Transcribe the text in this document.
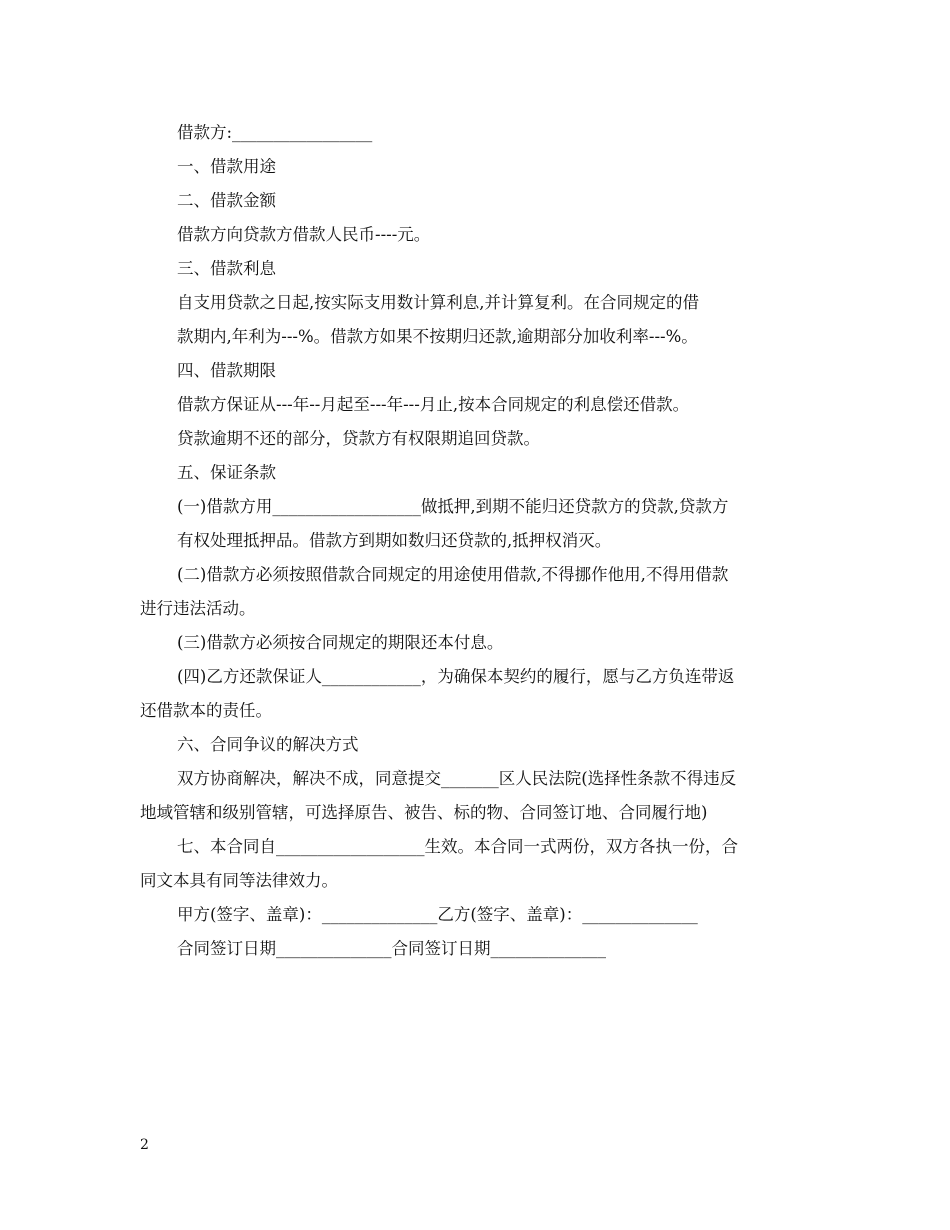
借款方:_________________
一、借款用途
二、借款金额
借款方向贷款方借款人民币----元。
三、借款利息
自支用贷款之日起,按实际支用数计算利息,并计算复利。在合同规定的借
款期内,年利为---%。借款方如果不按期归还款,逾期部分加收利率---%。
四、借款期限
借款方保证从---年--月起至---年---月止,按本合同规定的利息偿还借款。
贷款逾期不还的部分，贷款方有权限期追回贷款。
五、保证条款
(一)借款方用__________________做抵押,到期不能归还贷款方的贷款,贷款方
有权处理抵押品。借款方到期如数归还贷款的,抵押权消灭。
(二)借款方必须按照借款合同规定的用途使用借款,不得挪作他用,不得用借款
进行违法活动。
(三)借款方必须按合同规定的期限还本付息。
(四)乙方还款保证人____________，为确保本契约的履行，愿与乙方负连带返
还借款本的责任。
六、合同争议的解决方式
双方协商解决，解决不成，同意提交_______区人民法院(选择性条款不得违反
地域管辖和级别管辖，可选择原告、被告、标的物、合同签订地、合同履行地)
七、本合同自__________________生效。本合同一式两份，双方各执一份，合
同文本具有同等法律效力。
甲方(签字、盖章)：______________乙方(签字、盖章)：______________
合同签订日期______________合同签订日期______________
2
